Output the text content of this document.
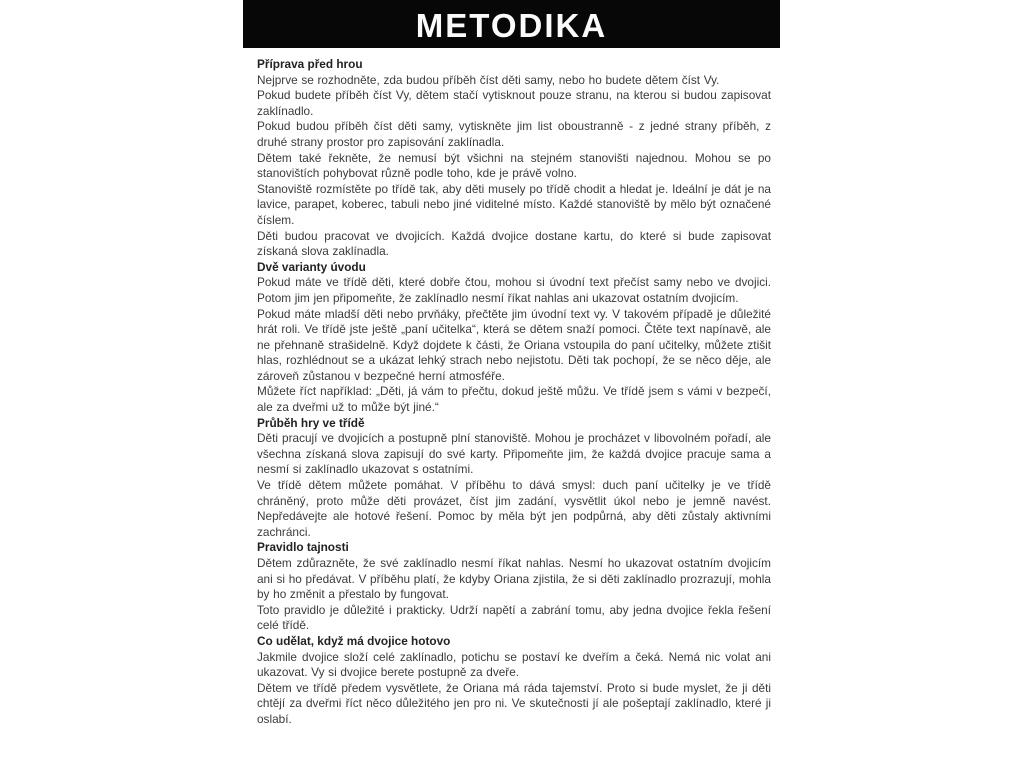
METODIKA
Příprava před hrou

Nejprve se rozhodněte, zda budou příběh číst děti samy, nebo ho budete dětem číst Vy.

Pokud budete příběh číst Vy, dětem stačí vytisknout pouze stranu, na kterou si budou zapisovat zaklínadlo.

Pokud budou příběh číst děti samy, vytiskněte jim list oboustranně - z jedné strany příběh, z druhé strany prostor pro zapisování zaklínadla.

Dětem také řekněte, že nemusí být všichni na stejném stanovišti najednou. Mohou se po stanovištích pohybovat různě podle toho, kde je právě volno.

Stanoviště rozmístěte po třídě tak, aby děti musely po třídě chodit a hledat je. Ideální je dát je na lavice, parapet, koberec, tabuli nebo jiné viditelné místo. Každé stanoviště by mělo být označené číslem.

Děti budou pracovat ve dvojicích. Každá dvojice dostane kartu, do které si bude zapisovat získaná slova zaklínadla.

Dvě varianty úvodu

Pokud máte ve třídě děti, které dobře čtou, mohou si úvodní text přečíst samy nebo ve dvojici. Potom jim jen připomeňte, že zaklínadlo nesmí říkat nahlas ani ukazovat ostatním dvojicím.

Pokud máte mladší děti nebo prvňáky, přečtěte jim úvodní text vy. V takovém případě je důležité hrát roli. Ve třídě jste ještě „paní učitelka“, která se dětem snaží pomoci. Čtěte text napínavě, ale ne přehnaně strašidelně. Když dojdete k části, že Oriana vstoupila do paní učitelky, můžete ztišit hlas, rozhlédnout se a ukázat lehký strach nebo nejistotu. Děti tak pochopí, že se něco děje, ale zároveň zůstanou v bezpečné herní atmosféře.

Můžete říct například: „Děti, já vám to přečtu, dokud ještě můžu. Ve třídě jsem s vámi v bezpečí, ale za dveřmi už to může být jiné.“

Průběh hry ve třídě

Děti pracují ve dvojicích a postupně plní stanoviště. Mohou je procházet v libovolném pořadí, ale všechna získaná slova zapisují do své karty. Připomeňte jim, že každá dvojice pracuje sama a nesmí si zaklínadlo ukazovat s ostatními.

Ve třídě dětem můžete pomáhat. V příběhu to dává smysl: duch paní učitelky je ve třídě chráněný, proto může děti provázet, číst jim zadání, vysvětlit úkol nebo je jemně navést. Nepředávejte ale hotové řešení. Pomoc by měla být jen podpůrná, aby děti zůstaly aktivními zachránci.

Pravidlo tajnosti

Dětem zdůrazněte, že své zaklínadlo nesmí říkat nahlas. Nesmí ho ukazovat ostatním dvojicím ani si ho předávat. V příběhu platí, že kdyby Oriana zjistila, že si děti zaklínadlo prozrazují, mohla by ho změnit a přestalo by fungovat.

Toto pravidlo je důležité i prakticky. Udrží napětí a zabrání tomu, aby jedna dvojice řekla řešení celé třídě.

Co udělat, když má dvojice hotovo

Jakmile dvojice složí celé zaklínadlo, potichu se postaví ke dveřím a čeká. Nemá nic volat ani ukazovat. Vy si dvojice berete postupně za dveře.

Dětem ve třídě předem vysvětlete, že Oriana má ráda tajemství. Proto si bude myslet, že ji děti chtějí za dveřmi říct něco důležitého jen pro ni. Ve skutečnosti jí ale pošeptají zaklínadlo, které ji oslabí.
